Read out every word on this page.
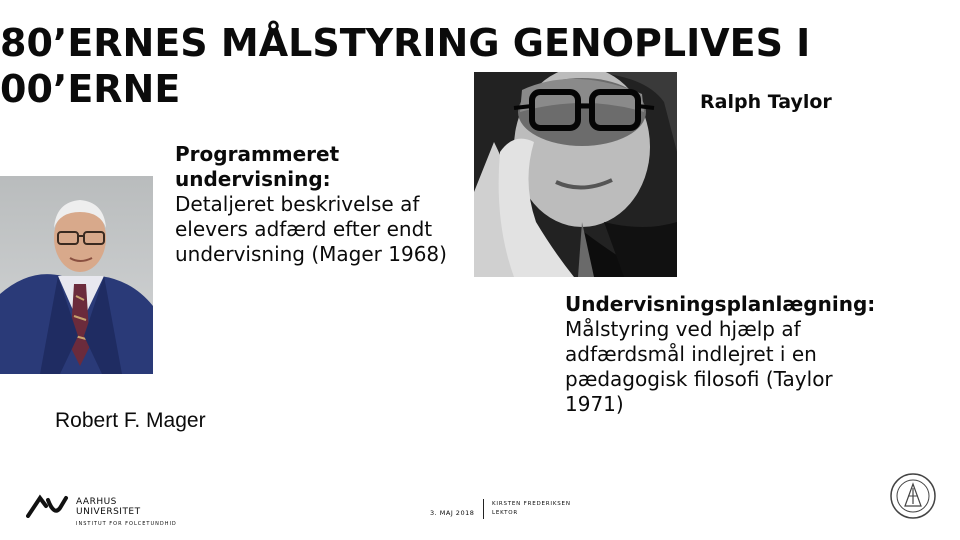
80’ERNES MÅLSTYRING GENOPLIVES I
00’ERNE	Ralph Taylor
Programmeret undervisning:
Detaljeret beskrivelse af elevers adfærd efter endt undervisning (Mager 1968)
Undervisningsplanlægning:
Målstyring ved hjælp af adfærdsmål indlejret i en pædagogisk filosofi (Taylor 1971)
Robert F. Mager
AARHUS
UNIVERSITET
INSTITUT FOR FOLCETUNDHID
3. MAJ 2018
KIRSTEN FREDERIKSEN
LEKTOR
